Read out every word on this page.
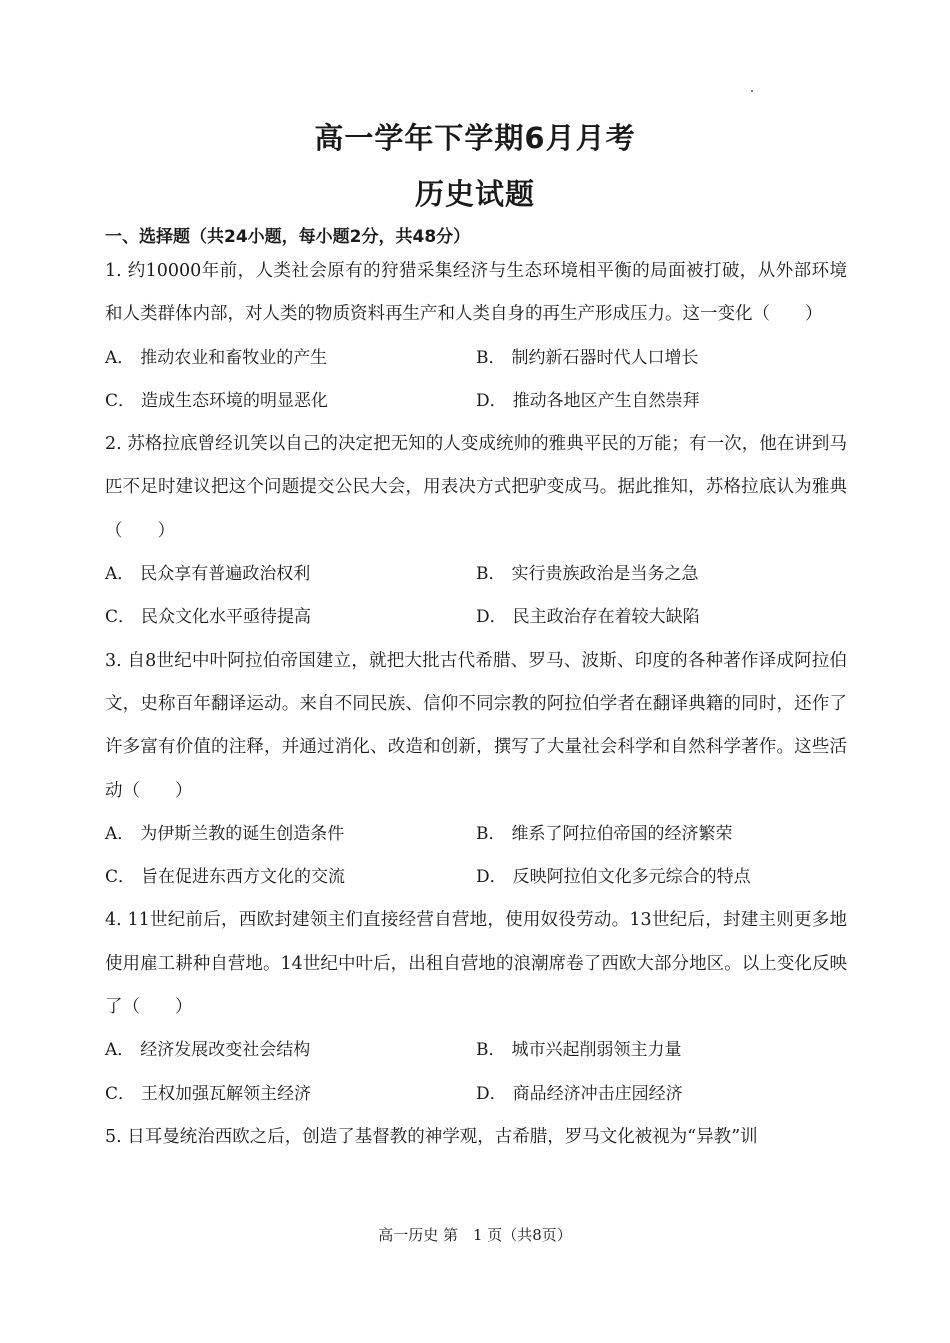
高一学年下学期6月月考
历史试题
一、选择题（共24小题，每小题2分，共48分）

1. 约10000年前，人类社会原有的狩猎采集经济与生态环境相平衡的局面被打破，从外部环境和人类群体内部，对人类的物质资料再生产和人类自身的再生产形成压力。这一变化（　　）

A． 推动农业和畜牧业的产生	B． 制约新石器时代人口增长
C． 造成生态环境的明显恶化	D． 推动各地区产生自然崇拜

2. 苏格拉底曾经讥笑以自己的决定把无知的人变成统帅的雅典平民的万能；有一次，他在讲到马匹不足时建议把这个问题提交公民大会，用表决方式把驴变成马。据此推知，苏格拉底认为雅典（　　）

A． 民众享有普遍政治权利	B． 实行贵族政治是当务之急
C． 民众文化水平亟待提高	D． 民主政治存在着较大缺陷

3. 自8世纪中叶阿拉伯帝国建立，就把大批古代希腊、罗马、波斯、印度的各种著作译成阿拉伯文，史称百年翻译运动。来自不同民族、信仰不同宗教的阿拉伯学者在翻译典籍的同时，还作了许多富有价值的注释，并通过消化、改造和创新，撰写了大量社会科学和自然科学著作。这些活动（　　）

A． 为伊斯兰教的诞生创造条件	B． 维系了阿拉伯帝国的经济繁荣
C． 旨在促进东西方文化的交流	D． 反映阿拉伯文化多元综合的特点

4. 11世纪前后，西欧封建领主们直接经营自营地，使用奴役劳动。13世纪后，封建主则更多地使用雇工耕种自营地。14世纪中叶后，出租自营地的浪潮席卷了西欧大部分地区。以上变化反映了（　　）

A． 经济发展改变社会结构	B． 城市兴起削弱领主力量
C． 王权加强瓦解领主经济	D． 商品经济冲击庄园经济

5. 日耳曼统治西欧之后，创造了基督教的神学观，古希腊，罗马文化被视为“异教”训

高一历史 第　1 页（共8页）
